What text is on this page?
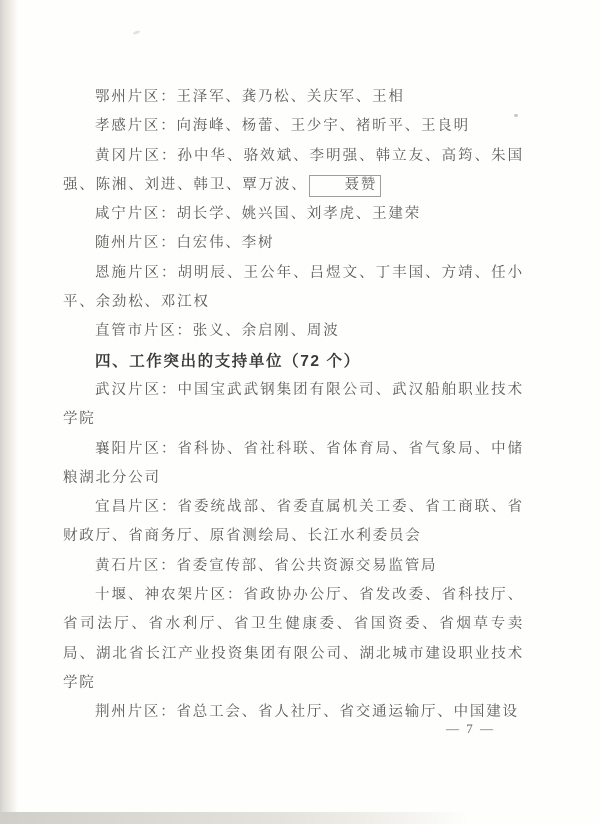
鄂州片区：王泽军、龚乃松、关庆军、王相

孝感片区：向海峰、杨蕾、王少宇、褚昕平、王良明

黄冈片区：孙中华、骆效斌、李明强、韩立友、高筠、朱国强、陈湘、刘进、韩卫、覃万波、	聂赞

咸宁片区：胡长学、姚兴国、刘孝虎、王建荣

随州片区：白宏伟、李树

恩施片区：胡明辰、王公年、吕煜文、丁丰国、方靖、任小平、余劲松、邓江权

直管市片区：张义、余启刚、周波

四、工作突出的支持单位（72 个）

武汉片区：中国宝武武钢集团有限公司、武汉船舶职业技术学院

襄阳片区：省科协、省社科联、省体育局、省气象局、中储粮湖北分公司

宜昌片区：省委统战部、省委直属机关工委、省工商联、省财政厅、省商务厅、原省测绘局、长江水利委员会

黄石片区：省委宣传部、省公共资源交易监管局

十堰、神农架片区：省政协办公厅、省发改委、省科技厅、省司法厅、省水利厅、省卫生健康委、省国资委、省烟草专卖局、湖北省长江产业投资集团有限公司、湖北城市建设职业技术学院

荆州片区：省总工会、省人社厅、省交通运输厅、中国建设

— 7 —
